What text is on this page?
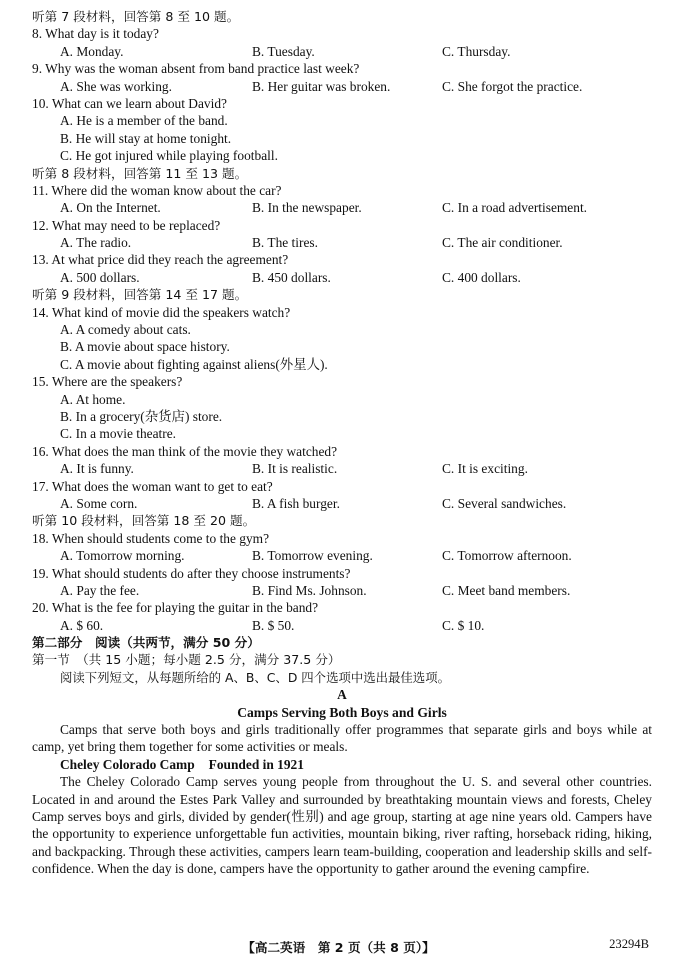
听第 7 段材料，回答第 8 至 10 题。
8. What day is it today?
A. Monday.	B. Tuesday.	C. Thursday.
9. Why was the woman absent from band practice last week?
A. She was working.	B. Her guitar was broken.	C. She forgot the practice.
10. What can we learn about David?
A. He is a member of the band.
B. He will stay at home tonight.
C. He got injured while playing football.
听第 8 段材料，回答第 11 至 13 题。
11. Where did the woman know about the car?
A. On the Internet.	B. In the newspaper.	C. In a road advertisement.
12. What may need to be replaced?
A. The radio.	B. The tires.	C. The air conditioner.
13. At what price did they reach the agreement?
A. 500 dollars.	B. 450 dollars.	C. 400 dollars.
听第 9 段材料，回答第 14 至 17 题。
14. What kind of movie did the speakers watch?
A. A comedy about cats.
B. A movie about space history.
C. A movie about fighting against aliens(外星人).
15. Where are the speakers?
A. At home.
B. In a grocery(杂货店) store.
C. In a movie theatre.
16. What does the man think of the movie they watched?
A. It is funny.	B. It is realistic.	C. It is exciting.
17. What does the woman want to get to eat?
A. Some corn.	B. A fish burger.	C. Several sandwiches.
听第 10 段材料，回答第 18 至 20 题。
18. When should students come to the gym?
A. Tomorrow morning.	B. Tomorrow evening.	C. Tomorrow afternoon.
19. What should students do after they choose instruments?
A. Pay the fee.	B. Find Ms. Johnson.	C. Meet band members.
20. What is the fee for playing the guitar in the band?
A. $ 60.	B. $ 50.	C. $ 10.
第二部分　阅读（共两节，满分 50 分）
第一节　（共 15 小题；每小题 2.5 分，满分 37.5 分）
阅读下列短文，从每题所给的 A、B、C、D 四个选项中选出最佳选项。
A
Camps Serving Both Boys and Girls

Camps that serve both boys and girls traditionally offer programmes that separate girls and boys while at camp, yet bring them together for some activities or meals.

Cheley Colorado Camp Founded in 1921

The Cheley Colorado Camp serves young people from throughout the U. S. and several other countries. Located in and around the Estes Park Valley and surrounded by breathtaking mountain views and forests, Cheley Camp serves boys and girls, divided by gender(性别) and age group, starting at age nine years old. Campers have the opportunity to experience unforgettable fun activities, mountain biking, river rafting, horseback riding, hiking, and backpacking. Through these activities, campers learn team-building, cooperation and leadership skills and self-confidence. When the day is done, campers have the opportunity to gather around the evening campfire.

【高二英语　第 2 页（共 8 页）】	23294B
